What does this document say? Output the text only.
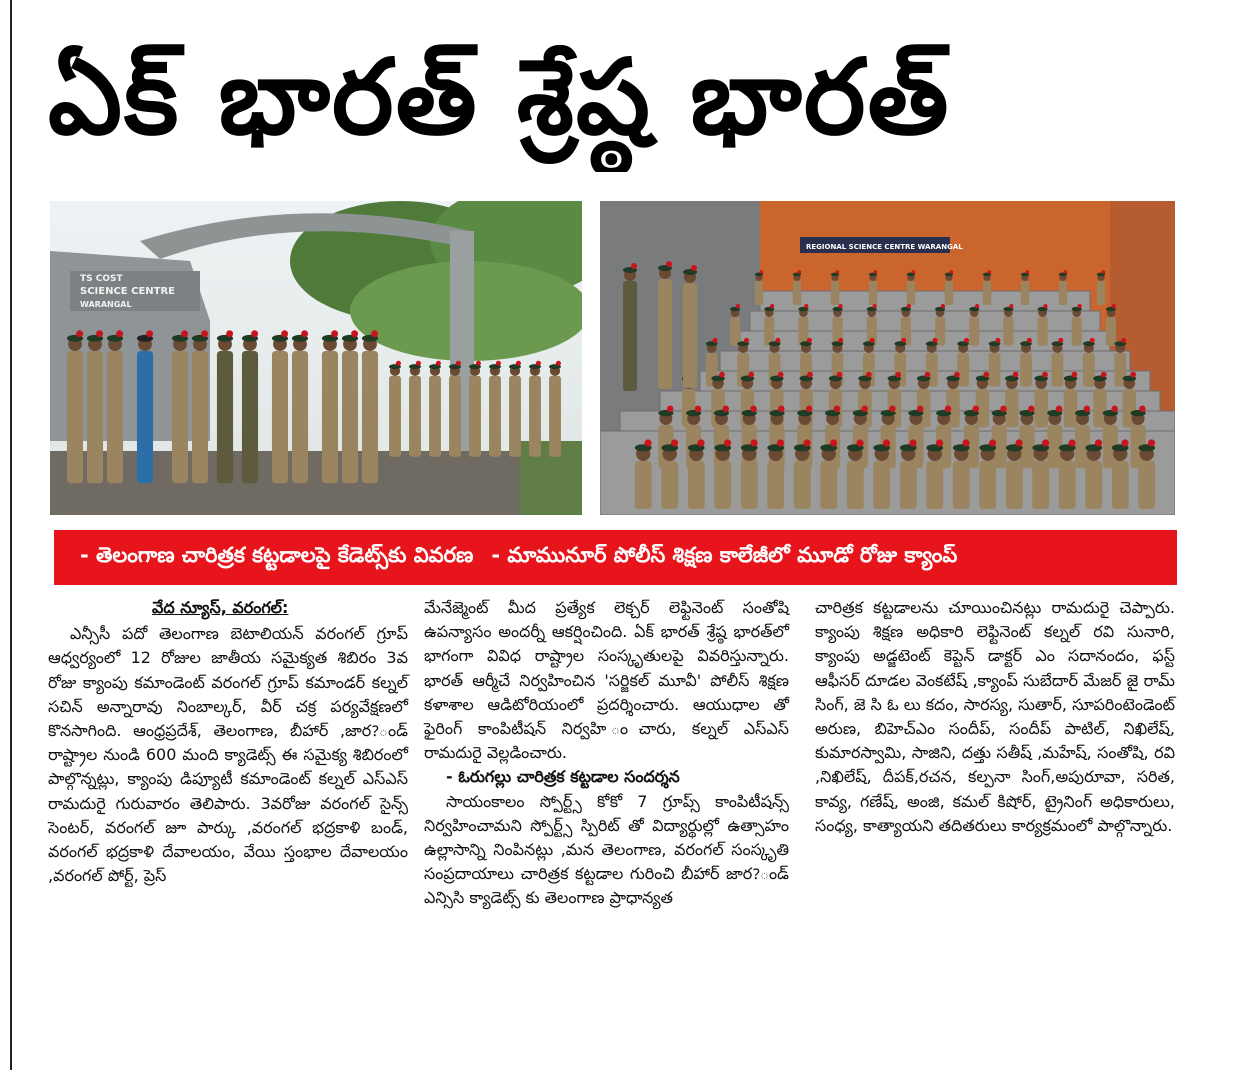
ఏక్ భారత్ శ్రేష్ఠ భారత్
TS COST
SCIENCE CENTRE
WARANGAL
REGIONAL SCIENCE CENTRE WARANGAL
- తెలంగాణ చారిత్రక కట్టడాలపై కేడెట్స్‌కు వివరణ - మామునూర్ పోలీస్ శిక్షణ కాలేజీలో మూడో రోజు క్యాంప్
వేద న్యూస్, వరంగల్:

ఎన్సీసీ పదో తెలంగాణ బెటాలియన్ వరంగల్ గ్రూప్ ఆధ్వర్యంలో 12 రోజుల జాతీయ సమైక్యత శిబిరం 3వ రోజు క్యాంపు కమాండెంట్ వరంగల్ గ్రూప్ కమాండర్ కల్నల్ సచిన్ అన్నారావు నింబాల్కర్, వీర్ చక్ర పర్యవేక్షణలో కొనసాగింది. ఆంధ్రప్రదేశ్, తెలంగాణ, బీహార్ ,జార?ండ్ రాష్ట్రాల నుండి 600 మంది క్యాడెట్స్ ఈ సమైక్య శిబిరంలో పాల్గొన్నట్లు, క్యాంపు డిప్యూటీ కమాండెంట్ కల్నల్ ఎస్ఎస్ రామదురై గురువారం తెలిపారు. 3వరోజు వరంగల్ సైన్స్ సెంటర్, వరంగల్ జూ పార్కు ,వరంగల్ భద్రకాళి బండ్, వరంగల్ భద్రకాళి దేవాలయం, వేయి స్తంభాల దేవాలయం ,వరంగల్ పోర్ట్, ప్రెస్

మేనేజ్మెంట్ మీద ప్రత్యేక లెక్చర్ లెఫ్టినెంట్ సంతోషి ఉపన్యాసం అందర్నీ ఆకర్షించింది. ఏక్ భారత్ శ్రేష్ఠ భారత్‌లో భాగంగా వివిధ రాష్ట్రాల సంస్కృతులపై వివరిస్తున్నారు. భారత్ ఆర్మీచే నిర్వహించిన 'సర్జికల్ మూవీ' పోలీస్ శిక్షణ కళాశాల ఆడిటోరియంలో ప్రదర్శించారు. ఆయుధాల తో ఫైరింగ్ కాంపిటీషన్ నిర్వహి ంచారు, కల్నల్ ఎస్ఎస్ రామదురై వెల్లడించారు.

- ఓరుగల్లు చారిత్రక కట్టడాల సందర్శన

సాయంకాలం స్పోర్ట్స్ కోకో 7 గ్రూప్స్ కాంపిటీషన్స్ నిర్వహించామని స్పోర్ట్స్ స్పిరిట్ తో విద్యార్థుల్లో ఉత్సాహం ఉల్లాసాన్ని నింపినట్లు ,మన తెలంగాణ, వరంగల్ సంస్కృతి సంప్రదాయాలు చారిత్రక కట్టడాల గురించి బీహార్ జార?ండ్ ఎన్సిసి క్యాడెట్స్ కు తెలంగాణ ప్రాధాన్యత

చారిత్రక కట్టడాలను చూయించినట్లు రామదురై చెప్పారు. క్యాంపు శిక్షణ అధికారి లెఫ్టినెంట్ కల్నల్ రవి సునారి, క్యాంపు అడ్జటెంట్ కెప్టెన్ డాక్టర్ ఎం సదానందం, ఫస్ట్ ఆఫీసర్ దూడల వెంకటేష్ ,క్యాంప్ సుబేదార్ మేజర్ జై రామ్ సింగ్, జె సి ఓ లు కదం, సారస్య, సుతార్, సూపరింటెండెంట్ అరుణ, బిహెచ్ఎం సందీప్, సందీప్ పాటిల్, నిఖిలేష్, కుమారస్వామి, సాజిని, దత్తు సతీష్ ,మహేష్, సంతోషి, రవి ,నిఖిలేష్, దీపక్,రచన, కల్పనా సింగ్,అపురూవా, సరిత, కావ్య, గణేష్, అంజి, కమల్ కిషోర్, ట్రైనింగ్ అధికారులు, సంధ్య, కాత్యాయని తదితరులు కార్యక్రమంలో పాల్గొన్నారు.
